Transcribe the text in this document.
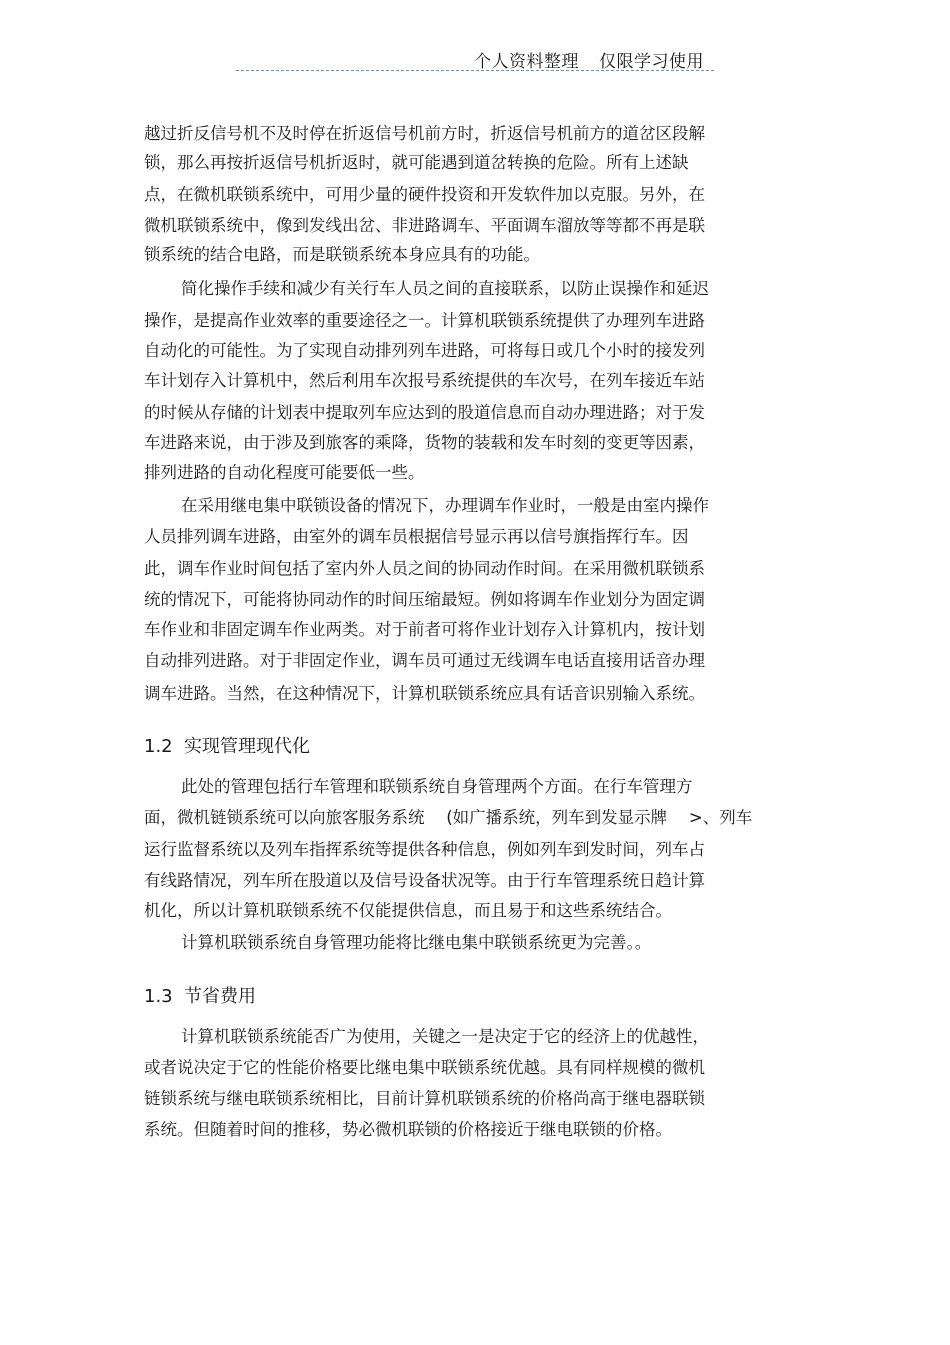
个人资料整理 仅限学习使用
越过折反信号机不及时停在折返信号机前方时，折返信号机前方的道岔区段解
锁，那么再按折返信号机折返时，就可能遇到道岔转换的危险。所有上述缺
点，在微机联锁系统中，可用少量的硬件投资和开发软件加以克服。另外，在
微机联锁系统中，像到发线出岔、非进路调车、平面调车溜放等等都不再是联
锁系统的结合电路，而是联锁系统本身应具有的功能。
简化操作手续和减少有关行车人员之间的直接联系，以防止误操作和延迟
操作，是提高作业效率的重要途径之一。计算机联锁系统提供了办理列车进路
自动化的可能性。为了实现自动排列列车进路，可将每日或几个小时的接发列
车计划存入计算机中，然后利用车次报号系统提供的车次号，在列车接近车站
的时候从存储的计划表中提取列车应达到的股道信息而自动办理进路；对于发
车进路来说，由于涉及到旅客的乘降，货物的装载和发车时刻的变更等因素，
排列进路的自动化程度可能要低一些。
在采用继电集中联锁设备的情况下，办理调车作业时，一般是由室内操作
人员排列调车进路，由室外的调车员根据信号显示再以信号旗指挥行车。因
此，调车作业时间包括了室内外人员之间的协同动作时间。在采用微机联锁系
统的情况下，可能将协同动作的时间压缩最短。例如将调车作业划分为固定调
车作业和非固定调车作业两类。对于前者可将作业计划存入计算机内，按计划
自动排列进路。对于非固定作业，调车员可通过无线调车电话直接用话音办理
调车进路。当然，在这种情况下，计算机联锁系统应具有话音识别输入系统。
1.2 实现管理现代化
此处的管理包括行车管理和联锁系统自身管理两个方面。在行车管理方
面，微机链锁系统可以向旅客服务系统　 (如广播系统，列车到发显示牌　 >、列车
运行监督系统以及列车指挥系统等提供各种信息，例如列车到发时间，列车占
有线路情况，列车所在股道以及信号设备状况等。由于行车管理系统日趋计算
机化，所以计算机联锁系统不仅能提供信息，而且易于和这些系统结合。
计算机联锁系统自身管理功能将比继电集中联锁系统更为完善。。
1.3 节省费用
计算机联锁系统能否广为使用，关键之一是决定于它的经济上的优越性，
或者说决定于它的性能价格要比继电集中联锁系统优越。具有同样规模的微机
链锁系统与继电联锁系统相比，目前计算机联锁系统的价格尚高于继电器联锁
系统。但随着时间的推移，势必微机联锁的价格接近于继电联锁的价格。
